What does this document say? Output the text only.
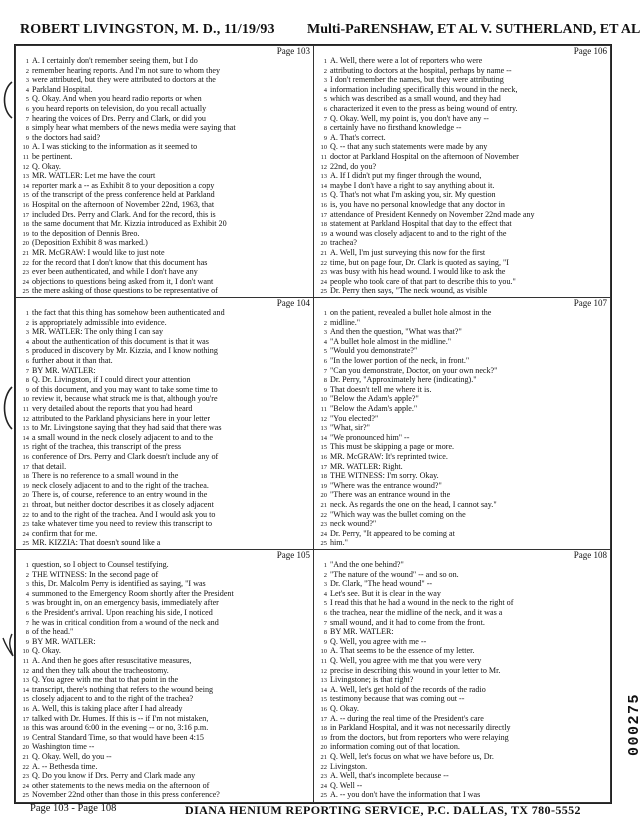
ROBERT LIVINGSTON, M. D., 11/19/93 Multi-PaRENSHAW, ET AL V. SUTHERLAND, ET AL
Page 103
1 A. I certainly don't remember seeing them, but I do
2 remember hearing reports. And I'm not sure to whom they
3 were attributed, but they were attributed to doctors at the
4 Parkland Hospital.
5 Q. Okay. And when you heard radio reports or when
6 you heard reports on television, do you recall actually
7 hearing the voices of Drs. Perry and Clark, or did you
8 simply hear what members of the news media were saying that
9 the doctors had said?
10 A. I was sticking to the information as it seemed to
11 be pertinent.
12 Q. Okay.
13 MR. WATLER: Let me have the court
14 reporter mark a -- as Exhibit 8 to your deposition a copy
15 of the transcript of the press conference held at Parkland
16 Hospital on the afternoon of November 22nd, 1963, that
17 included Drs. Perry and Clark. And for the record, this is
18 the same document that Mr. Kizzia introduced as Exhibit 20
19 to the deposition of Dennis Breo.
20 (Deposition Exhibit 8 was marked.)
21 MR. McGRAW: I would like to just note
22 for the record that I don't know that this document has
23 ever been authenticated, and while I don't have any
24 objections to questions being asked from it, I don't want
25 the mere asking of those questions to be representative of
Page 106
1 A. Well, there were a lot of reporters who were
2 attributing to doctors at the hospital, perhaps by name --
3 I don't remember the names, but they were attributing
4 information including specifically this wound in the neck,
5 which was described as a small wound, and they had
6 characterized it even to the press as being wound of entry.
7 Q. Okay. Well, my point is, you don't have any --
8 certainly have no firsthand knowledge --
9 A. That's correct.
10 Q. -- that any such statements were made by any
11 doctor at Parkland Hospital on the afternoon of November
12 22nd, do you?
13 A. If I didn't put my finger through the wound,
14 maybe I don't have a right to say anything about it.
15 Q. That's not what I'm asking you, sir. My question
16 is, you have no personal knowledge that any doctor in
17 attendance of President Kennedy on November 22nd made any
18 statement at Parkland Hospital that day to the effect that
19 a wound was closely adjacent to and to the right of the
20 trachea?
21 A. Well, I'm just surveying this now for the first
22 time, but on page four, Dr. Clark is quoted as saying, "I
23 was busy with his head wound. I would like to ask the
24 people who took care of that part to describe this to you."
25 Dr. Perry then says, "The neck wound, as visible
Page 104
1 the fact that this thing has somehow been authenticated and
2 is appropriately admissible into evidence.
3 MR. WATLER: The only thing I can say
4 about the authentication of this document is that it was
5 produced in discovery by Mr. Kizzia, and I know nothing
6 further about it than that.
7 BY MR. WATLER:
8 Q. Dr. Livingston, if I could direct your attention
9 of this document, and you may want to take some time to
10 review it, because what struck me is that, although you're
11 very detailed about the reports that you had heard
12 attributed to the Parkland physicians here in your letter
13 to Mr. Livingstone saying that they had said that there was
14 a small wound in the neck closely adjacent to and to the
15 right of the trachea, this transcript of the press
16 conference of Drs. Perry and Clark doesn't include any of
17 that detail.
18 There is no reference to a small wound in the
19 neck closely adjacent to and to the right of the trachea.
20 There is, of course, reference to an entry wound in the
21 throat, but neither doctor describes it as closely adjacent
22 to and to the right of the trachea. And I would ask you to
23 take whatever time you need to review this transcript to
24 confirm that for me.
25 MR. KIZZIA: That doesn't sound like a
Page 107
1 on the patient, revealed a bullet hole almost in the
2 midline."
3 And then the question, "What was that?"
4 "A bullet hole almost in the midline."
5 "Would you demonstrate?"
6 "In the lower portion of the neck, in front."
7 "Can you demonstrate, Doctor, on your own neck?"
8 Dr. Perry, "Approximately here (indicating)."
9 That doesn't tell me where it is.
10 "Below the Adam's apple?"
11 "Below the Adam's apple."
12 "You elected?"
13 "What, sir?"
14 "We pronounced him" --
15 This must be skipping a page or more.
16 MR. McGRAW: It's reprinted twice.
17 MR. WATLER: Right.
18 THE WITNESS: I'm sorry. Okay.
19 "Where was the entrance wound?"
20 "There was an entrance wound in the
21 neck. As regards the one on the head, I cannot say."
22 "Which way was the bullet coming on the
23 neck wound?"
24 Dr. Perry, "It appeared to be coming at
25 him."
Page 105
1 question, so I object to Counsel testifying.
2 THE WITNESS: In the second page of
3 this, Dr. Malcolm Perry is identified as saying, "I was
4 summoned to the Emergency Room shortly after the President
5 was brought in, on an emergency basis, immediately after
6 the President's arrival. Upon reaching his side, I noticed
7 he was in critical condition from a wound of the neck and
8 of the head."
9 BY MR. WATLER:
10 Q. Okay.
11 A. And then he goes after resuscitative measures,
12 and then they talk about the tracheostomy.
13 Q. You agree with me that to that point in the
14 transcript, there's nothing that refers to the wound being
15 closely adjacent to and to the right of the trachea?
16 A. Well, this is taking place after I had already
17 talked with Dr. Humes. If this is -- if I'm not mistaken,
18 this was around 6:00 in the evening -- or no, 3:16 p.m.
19 Central Standard Time, so that would have been 4:15
20 Washington time --
21 Q. Okay. Well, do you --
22 A. -- Bethesda time.
23 Q. Do you know if Drs. Perry and Clark made any
24 other statements to the news media on the afternoon of
25 November 22nd other than those in this press conference?
Page 108
1 "And the one behind?"
2 "The nature of the wound" -- and so on.
3 Dr. Clark, "The head wound" --
4 Let's see. But it is clear in the way
5 I read this that he had a wound in the neck to the right of
6 the trachea, near the midline of the neck, and it was a
7 small wound, and it had to come from the front.
8 BY MR. WATLER:
9 Q. Well, you agree with me --
10 A. That seems to be the essence of my letter.
11 Q. Well, you agree with me that you were very
12 precise in describing this wound in your letter to Mr.
13 Livingstone; is that right?
14 A. Well, let's get hold of the records of the radio
15 testimony because that was coming out --
16 Q. Okay.
17 A. -- during the real time of the President's care
18 in Parkland Hospital, and it was not necessarily directly
19 from the doctors, but from reporters who were relaying
20 information coming out of that location.
21 Q. Well, let's focus on what we have before us, Dr.
22 Livingston.
23 A. Well, that's incomplete because --
24 Q. Well --
25 A. -- you don't have the information that I was
Page 103 - Page 108	DIANA HENIUM REPORTING SERVICE, P.C. DALLAS, TX 780-5552
000275
